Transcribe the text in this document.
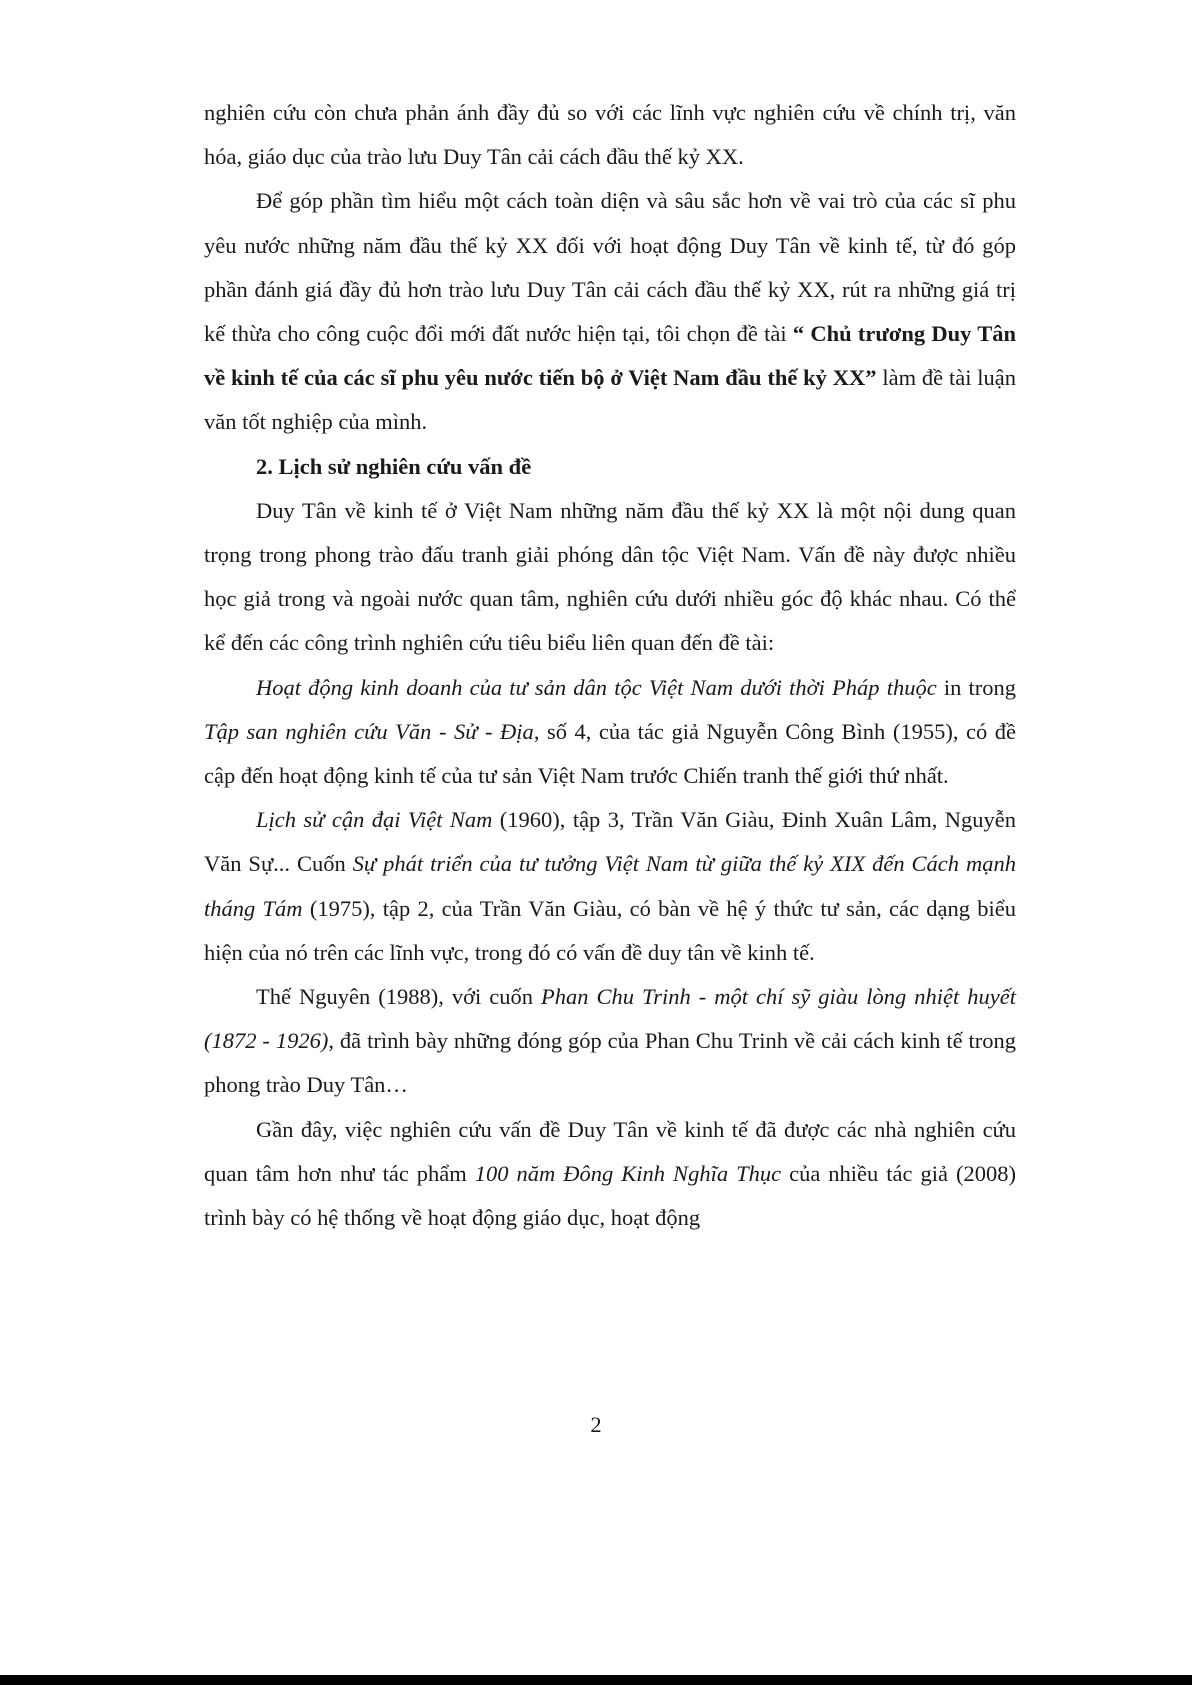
nghiên cứu còn chưa phản ánh đầy đủ so với các lĩnh vực nghiên cứu về chính trị, văn hóa, giáo dục của trào lưu Duy Tân cải cách đầu thế kỷ XX.

Để góp phần tìm hiểu một cách toàn diện và sâu sắc hơn về vai trò của các sĩ phu yêu nước những năm đầu thế kỷ XX đối với hoạt động Duy Tân về kinh tế, từ đó góp phần đánh giá đầy đủ hơn trào lưu Duy Tân cải cách đầu thế kỷ XX, rút ra những giá trị kế thừa cho công cuộc đổi mới đất nước hiện tại, tôi chọn đề tài “ Chủ trương Duy Tân về kinh tế của các sĩ phu yêu nước tiến bộ ở Việt Nam đầu thế kỷ XX” làm đề tài luận văn tốt nghiệp của mình.

2. Lịch sử nghiên cứu vấn đề

Duy Tân về kinh tế ở Việt Nam những năm đầu thế kỷ XX là một nội dung quan trọng trong phong trào đấu tranh giải phóng dân tộc Việt Nam. Vấn đề này được nhiều học giả trong và ngoài nước quan tâm, nghiên cứu dưới nhiều góc độ khác nhau. Có thể kể đến các công trình nghiên cứu tiêu biểu liên quan đến đề tài:

Hoạt động kinh doanh của tư sản dân tộc Việt Nam dưới thời Pháp thuộc in trong Tập san nghiên cứu Văn - Sử - Địa, số 4, của tác giả Nguyễn Công Bình (1955), có đề cập đến hoạt động kinh tế của tư sản Việt Nam trước Chiến tranh thế giới thứ nhất.

Lịch sử cận đại Việt Nam (1960), tập 3, Trần Văn Giàu, Đinh Xuân Lâm, Nguyễn Văn Sự... Cuốn Sự phát triển của tư tưởng Việt Nam từ giữa thế kỷ XIX đến Cách mạnh tháng Tám (1975), tập 2, của Trần Văn Giàu, có bàn về hệ ý thức tư sản, các dạng biểu hiện của nó trên các lĩnh vực, trong đó có vấn đề duy tân về kinh tế.

Thế Nguyên (1988), với cuốn Phan Chu Trinh - một chí sỹ giàu lòng nhiệt huyết (1872 - 1926), đã trình bày những đóng góp của Phan Chu Trinh về cải cách kinh tế trong phong trào Duy Tân…

Gần đây, việc nghiên cứu vấn đề Duy Tân về kinh tế đã được các nhà nghiên cứu quan tâm hơn như tác phẩm 100 năm Đông Kinh Nghĩa Thục của nhiều tác giả (2008) trình bày có hệ thống về hoạt động giáo dục, hoạt động

2
